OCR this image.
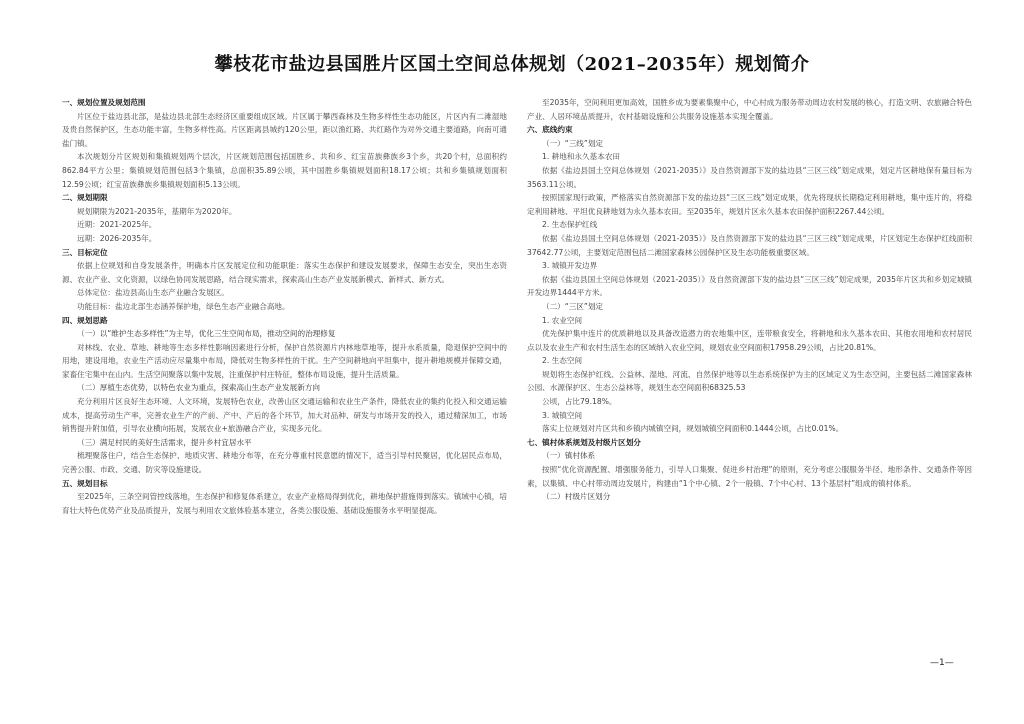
攀枝花市盐边县国胜片区国土空间总体规划（2021–2035年）规划简介
一、规划位置及规划范围
片区位于盐边县北部，是盐边县北部生态经济区重要组成区域。片区属于攀西森林及生物多样性生态功能区，片区内有二滩湿地及贵自然保护区，生态功能丰富，生物多样性高。片区距离县城约120公里，距以渔红路、共红路作为对外交通主要道路，向南可通盐门镇。
本次规划分片区规划和集镇规划两个层次，片区规划范围包括国胜乡、共和乡、红宝苗族彝族乡3个乡，共20个村，总面积约862.84平方公里；集镇规划范围包括3个集镇，总面积35.89公顷，其中国胜乡集镇规划面积18.17公顷；共和乡集镇规划面积12.59公顷；红宝苗族彝族乡集镇规划面积5.13公顷。
二、规划期限
规划期限为2021-2035年，基期年为2020年。
近期：2021-2025年。
远期：2026-2035年。
三、目标定位
依据上位规划和自身发展条件，明确本片区发展定位和功能职能：落实生态保护和建设发展要求，保障生态安全，突出生态资源、农业产业、文化资源，以绿色协同发展思路，结合现实需求，探索高山生态产业发展新模式、新样式、新方式。
总体定位：盐边县高山生态产业融合发展区。
功能目标：盐边北部生态涵养保护地，绿色生态产业融合高地。
四、规划思路
（一）以“维护生态多样性”为主导，优化三生空间布局，推动空间的治理修复
对林线、农业、草地、耕地等生态多样性影响因素进行分析，保护自然资源片内林地草地等，提升水系质量，隐退保护空间中的用地，建设用地，农业生产活动应尽量集中布局，降低对生物多样性的干扰。生产空间耕地向平坦集中，提升耕地规模并保障交通，家畜住宅集中在山内。生活空间聚落以集中发展，注重保护村庄特征，整体布局设施，提升生活质量。
（二）厚植生态优势，以特色农业为重点，探索高山生态产业发展新方向
充分利用片区良好生态环境、人文环境，发展特色农业，改善山区交通运输和农业生产条件，降低农业的集约化投入和交通运输成本，提高劳动生产率，完善农业生产的产前、产中、产后的各个环节，加大对品种、研发与市场开发的投入，通过精深加工，市场销售提升附加值，引导农业横向拓展，发展农业+旅游融合产业，实现多元化。
（三）满足村民的美好生活需求，提升乡村宜居水平
梳理聚落住户，结合生态保护、地质灾害、耕地分布等，在充分尊重村民意愿的情况下，适当引导村民聚居，优化居民点布局，完善公服、市政、交通、防灾等设施建设。
五、规划目标
至2025年，三条空间管控线落地，生态保护和修复体系建立，农业产业格局得到优化，耕地保护措施得到落实。镇域中心镇，培育壮大特色优势产业及品质提升，发展与利用农文旅体验基本建立，各类公服设施、基础设施服务水平明显提高。
至2035年，空间利用更加高效，国胜乡成为要素集聚中心，中心村成为服务带动周边农村发展的核心，打造文明、农旅融合特色产业、人居环境品质提升，农村基础设施和公共服务设施基本实现全覆盖。
六、底线约束
（一）“三线”划定
1. 耕地和永久基本农田
依据《盐边县国土空间总体规划（2021-2035）》及自然资源部下发的盐边县“三区三线”划定成果，划定片区耕地保有量目标为3563.11公顷。
按照国家现行政策，严格落实自然资源部下发的盐边县“三区三线”划定成果，优先将现状长期稳定利用耕地，集中连片的，将稳定利用耕地、平坦优良耕地划为永久基本农田。至2035年，规划片区永久基本农田保护面积2267.44公顷。
2. 生态保护红线
依据《盐边县国土空间总体规划（2021-2035）》及自然资源部下发的盐边县“三区三线”划定成果，片区划定生态保护红线面积37642.77公顷，主要划定范围包括二滩国家森林公园保护区及生态功能极重要区域。
3. 城镇开发边界
依据《盐边县国土空间总体规划（2021-2035）》及自然资源部下发的盐边县“三区三线”划定成果，2035年片区共和乡划定城镇开发边界1444平方米。
（二）“三区”划定
1. 农业空间
优先保护集中连片的优质耕地以及具备改造潜力的农地集中区，连带粮食安全，将耕地和永久基本农田、其他农用地和农村居民点以及农业生产和农村生活生态的区域纳入农业空间，规划农业空间面积17958.29公顷，占比20.81%。
2. 生态空间
规划将生态保护红线、公益林、湿地、河流、自然保护地等以生态系统保护为主的区域定义为生态空间，主要包括二滩国家森林公园、水源保护区、生态公益林等，规划生态空间面积68325.53
公顷，占比79.18%。
3. 城镇空间
落实上位规划对片区共和乡镇内城镇空间，规划城镇空间面积0.1444公顷，占比0.01%。
七、镇村体系规划及村级片区划分
（一）镇村体系
按照“优化资源配置、增强服务能力，引导人口集聚、促进乡村治理”的原则，充分考虑公服服务半径、地形条件、交通条件等因素，以集镇、中心村带动周边发展片，构建由“1个中心镇、2个一般镇、7个中心村、13个基层村”组成的镇村体系。
（二）村级片区划分
—1—
